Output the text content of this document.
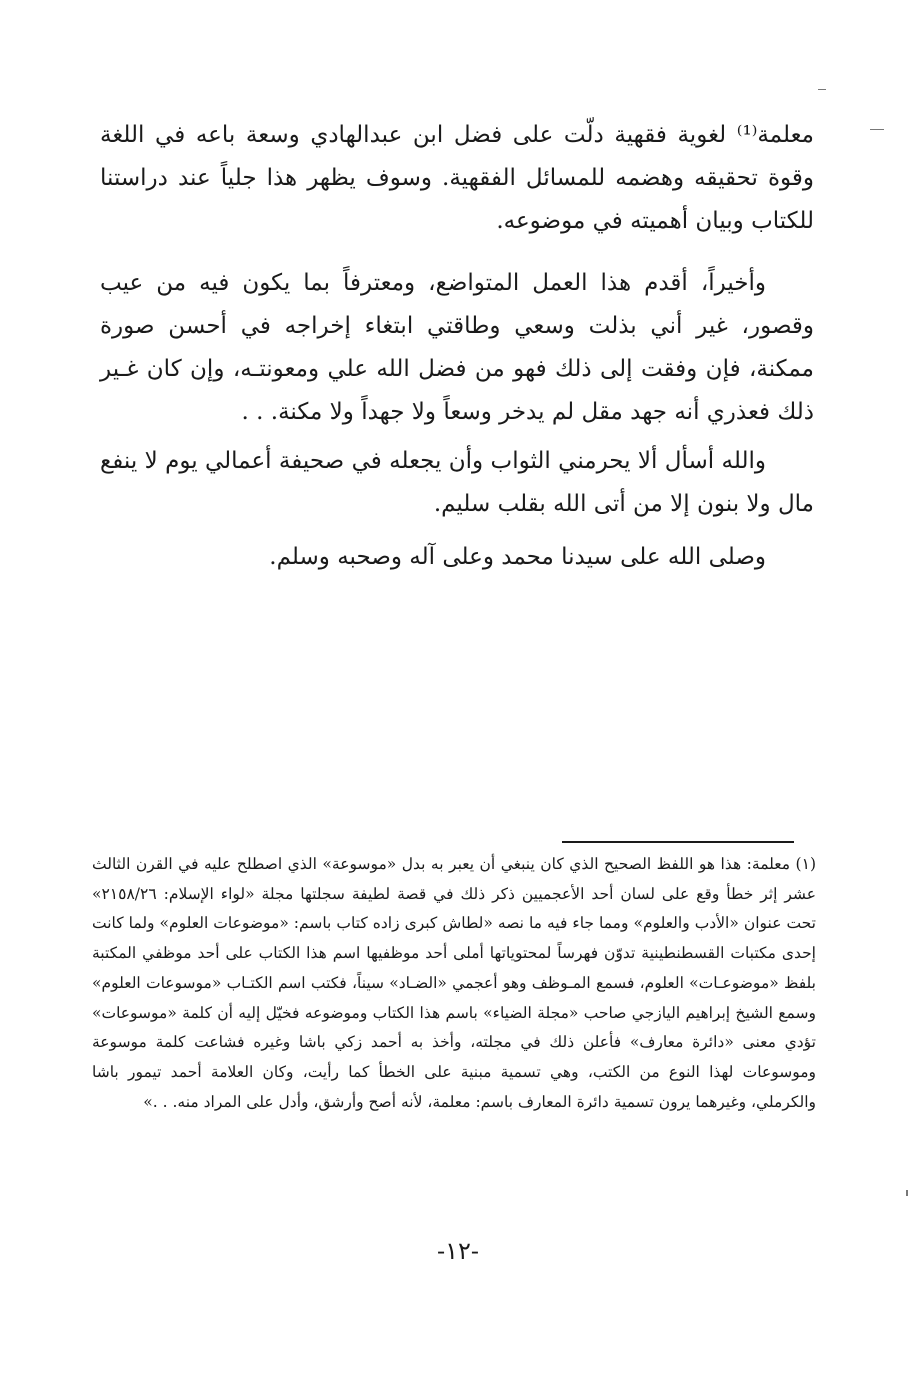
معلمة⁽¹⁾ لغوية فقهية دلّت على فضل ابن عبدالهادي وسعة باعه في اللغة وقوة تحقيقه وهضمه للمسائل الفقهية. وسوف يظهر هذا جلياً عند دراستنا للكتاب وبيان أهميته في موضوعه.

وأخيراً، أقدم هذا العمل المتواضع، ومعترفاً بما يكون فيه من عيب وقصور، غير أني بذلت وسعي وطاقتي ابتغاء إخراجه في أحسن صورة ممكنة، فإن وفقت إلى ذلك فهو من فضل الله علي ومعونتـه، وإن كان غـير ذلك فعذري أنه جهد مقل لم يدخر وسعاً ولا جهداً ولا مكنة. . .

والله أسأل ألا يحرمني الثواب وأن يجعله في صحيفة أعمالي يوم لا ينفع مال ولا بنون إلا من أتى الله بقلب سليم.

وصلى الله على سيدنا محمد وعلى آله وصحبه وسلم.

(١) معلمة: هذا هو اللفظ الصحيح الذي كان ينبغي أن يعبر به بدل «موسوعة» الذي اصطلح عليه في القرن الثالث عشر إثر خطأ وقع على لسان أحد الأعجميين ذكر ذلك في قصة لطيفة سجلتها مجلة «لواء الإسلام: ٢١٥٨/٢٦» تحت عنوان «الأدب والعلوم» ومما جاء فيه ما نصه «لطاش كبرى زاده كتاب باسم: «موضوعات العلوم» ولما كانت إحدى مكتبات القسطنطينية تدوّن فهرساً لمحتوياتها أملى أحد موظفيها اسم هذا الكتاب على أحد موظفي المكتبة بلفظ «موضوعـات» العلوم، فسمع المـوظف وهو أعجمي «الضـاد» سيناً، فكتب اسم الكتـاب «موسوعات العلوم» وسمع الشيخ إبراهيم اليازجي صاحب «مجلة الضياء» باسم هذا الكتاب وموضوعه فخيّل إليه أن كلمة «موسوعات» تؤدي معنى «دائرة معارف» فأعلن ذلك في مجلته، وأخذ به أحمد زكي باشا وغيره فشاعت كلمة موسوعة وموسوعات لهذا النوع من الكتب، وهي تسمية مبنية على الخطأ كما رأيت، وكان العلامة أحمد تيمور باشا والكرملي، وغيرهما يرون تسمية دائرة المعارف باسم: معلمة، لأنه أصح وأرشق، وأدل على المراد منه. . .»

-١٢-
